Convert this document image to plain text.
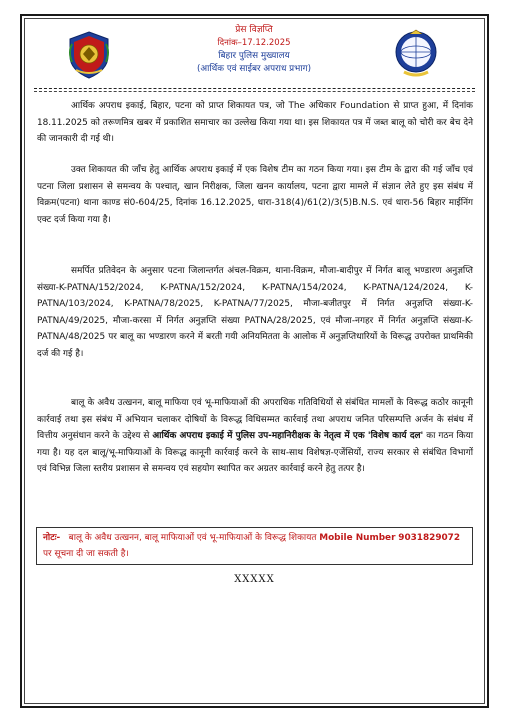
प्रेस विज्ञप्ति
दिनांक–17.12.2025
बिहार पुलिस मुख्यालय
(आर्थिक एवं साईबर अपराध प्रभाग)
आर्थिक अपराध इकाई, बिहार, पटना को प्राप्त शिकायत पत्र, जो The अधिकार Foundation से प्राप्त हुआ, में दिनांक 18.11.2025 को तरूणमित्र खबर में प्रकाशित समाचार का उल्लेख किया गया था। इस शिकायत पत्र में जब्त बालू को चोरी कर बेच देने की जानकारी दी गई थी।
उक्त शिकायत की जाँच हेतु आर्थिक अपराध इकाई में एक विशेष टीम का गठन किया गया। इस टीम के द्वारा की गई जाँच एवं पटना जिला प्रशासन से समन्वय के पश्चात्, खान निरीक्षक, जिला खनन कार्यालय, पटना द्वारा मामले में संज्ञान लेते हुए इस संबंध में विक्रम(पटना) थाना काण्ड सं0-604/25, दिनांक 16.12.2025, धारा-318(4)/61(2)/3(5)B.N.S. एवं धारा-56 बिहार माईनिंग एक्ट दर्ज किया गया है।
समर्पित प्रतिवेदन के अनुसार पटना जिलान्तर्गत अंचल-विक्रम, थाना-विक्रम, मौजा-बादीपुर में निर्गत बालू भण्डारण अनुज्ञप्ति संख्या-K-PATNA/152/2024, K-PATNA/152/2024, K-PATNA/154/2024, K-PATNA/124/2024, K-PATNA/103/2024, K-PATNA/78/2025, K-PATNA/77/2025, मौजा-बजीतपुर में निर्गत अनुज्ञप्ति संख्या-K-PATNA/49/2025, मौजा-करसा में निर्गत अनुज्ञप्ति संख्या PATNA/28/2025, एवं मौजा-नगहर में निर्गत अनुज्ञप्ति संख्या-K-PATNA/48/2025 पर बालू का भण्डारण करने में बरती गयी अनियमितता के आलोक में अनुज्ञप्तिधारियों के विरूद्ध उपरोक्त प्राथमिकी दर्ज की गई है।
बालू के अवैध उत्खनन, बालू माफिया एवं भू-माफियाओं की अपराधिक गतिविधियों से संबंधित मामलों के विरूद्ध कठोर कानूनी कार्रवाई तथा इस संबंध में अभियान चलाकर दोषियों के विरूद्ध विधिसम्मत कार्रवाई तथा अपराध जनित परिसम्पत्ति अर्जन के संबंध में वित्तीय अनुसंधान करने के उद्देश्य से आर्थिक अपराध इकाई में पुलिस उप-महानिरीक्षक के नेतृत्व में एक 'विशेष कार्य दल' का गठन किया गया है। यह दल बालू/भू-माफियाओं के विरूद्ध कानूनी कार्रवाई करने के साथ-साथ विशेषज्ञ-एजेंसियों, राज्य सरकार से संबंधित विभागों एवं विभिन्न जिला स्तरीय प्रशासन से समन्वय एवं सहयोग स्थापित कर अग्रतर कार्रवाई करने हेतु तत्पर है।
नोटः- बालू के अवैध उत्खनन, बालू माफियाओं एवं भू-माफियाओं के विरूद्ध शिकायत Mobile Number 9031829072 पर सूचना दी जा सकती है।
XXXXX
